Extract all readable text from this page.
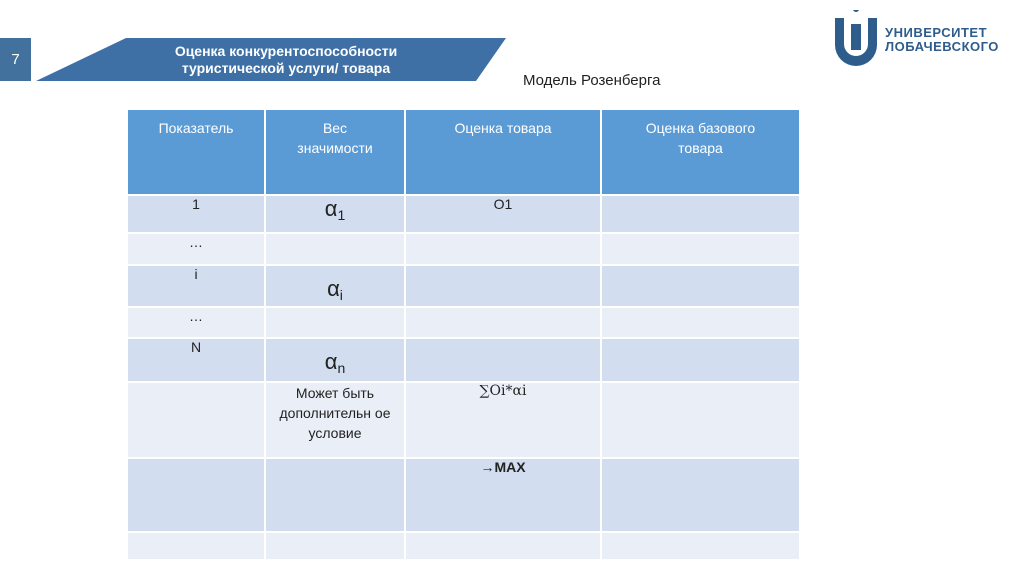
7
Оценка конкурентоспособности
туристической услуги/ товара
УНИВЕРСИТЕТ
ЛОБАЧЕВСКОГО
Модель Розенберга
Показатель	Вес значимости	Оценка товара	Оценка базового товара
1	$\alpha_1$	O1	
…			
i	$\alpha_i$		
…			
N	$\alpha_n$		
	Может быть дополнительн ое условие	∑Oi*αi	
		→MAX	
